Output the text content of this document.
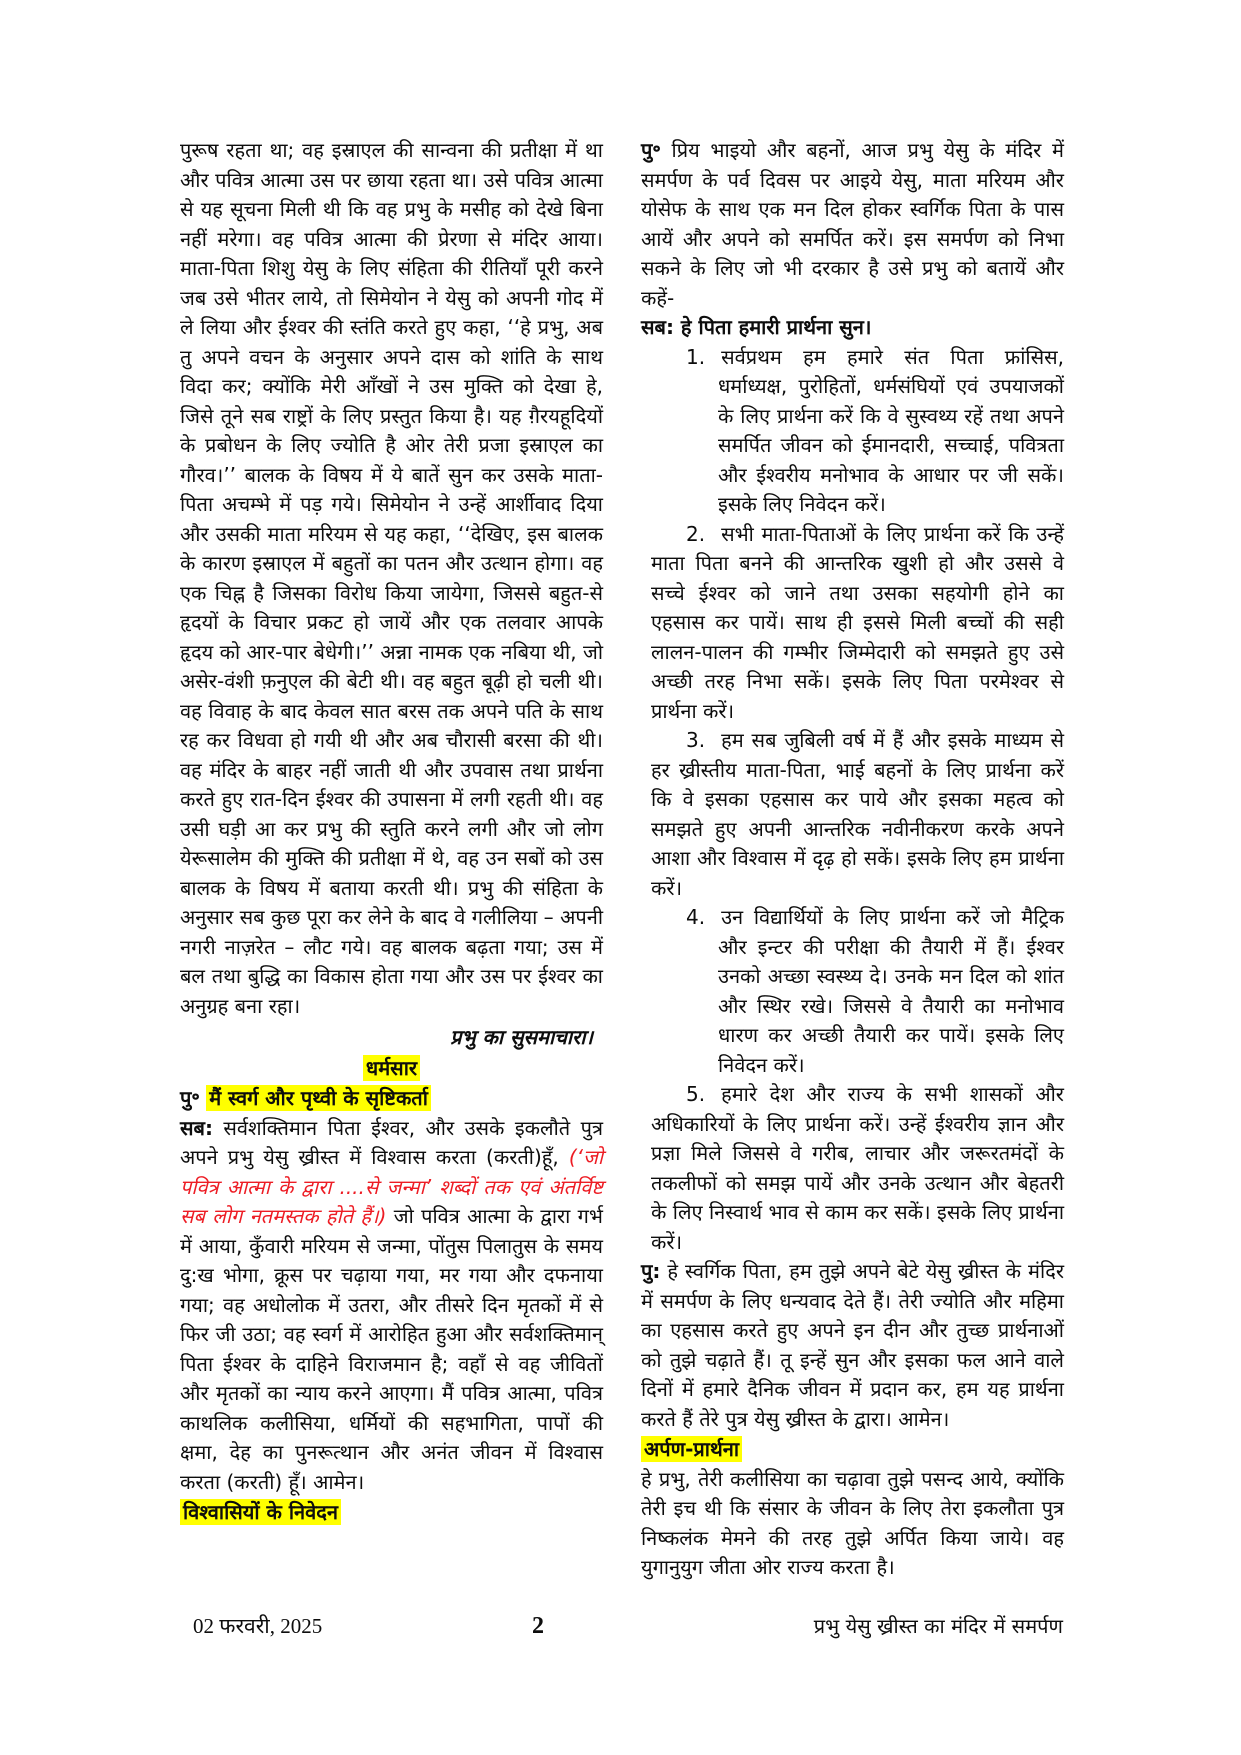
पुरूष रहता था; वह इस्राएल की सान्वना की प्रतीक्षा में था और पवित्र आत्मा उस पर छाया रहता था। उसे पवित्र आत्मा से यह सूचना मिली थी कि वह प्रभु के मसीह को देखे बिना नहीं मरेगा। वह पवित्र आत्मा की प्रेरणा से मंदिर आया। माता-पिता शिशु येसु के लिए संहिता की रीतियाँ पूरी करने जब उसे भीतर लाये, तो सिमेयोन ने येसु को अपनी गोद में ले लिया और ईश्वर की स्तंति करते हुए कहा, ‘‘हे प्रभु, अब तु अपने वचन के अनुसार अपने दास को शांति के साथ विदा कर; क्योंकि मेरी आँखों ने उस मुक्ति को देखा हे, जिसे तूने सब राष्ट्रों के लिए प्रस्तुत किया है। यह ग़ैरयहूदियों के प्रबोधन के लिए ज्योति है ओर तेरी प्रजा इस्राएल का गौरव।’’ बालक के विषय में ये बातें सुन कर उसके माता-पिता अचम्भे में पड़ गये। सिमेयोन ने उन्हें आर्शीवाद दिया और उसकी माता मरियम से यह कहा, ‘‘देखिए, इस बालक के कारण इस्राएल में बहुतों का पतन और उत्थान होगा। वह एक चिह्न है जिसका विरोध किया जायेगा, जिससे बहुत-से हृदयों के विचार प्रकट हो जायें और एक तलवार आपके हृदय को आर-पार बेधेगी।’’ अन्ना नामक एक नबिया थी, जो असेर-वंशी फ़नुएल की बेटी थी। वह बहुत बूढ़ी हो चली थी। वह विवाह के बाद केवल सात बरस तक अपने पति के साथ रह कर विधवा हो गयी थी और अब चौरासी बरसा की थी। वह मंदिर के बाहर नहीं जाती थी और उपवास तथा प्रार्थना करते हुए रात-दिन ईश्वर की उपासना में लगी रहती थी। वह उसी घड़ी आ कर प्रभु की स्तुति करने लगी और जो लोग येरूसालेम की मुक्ति की प्रतीक्षा में थे, वह उन सबों को उस बालक के विषय में बताया करती थी। प्रभु की संहिता के अनुसार सब कुछ पूरा कर लेने के बाद वे गलीलिया – अपनी नगरी नाज़रेत – लौट गये। वह बालक बढ़ता गया; उस में बल तथा बुद्धि का विकास होता गया और उस पर ईश्वर का अनुग्रह बना रहा।

प्रभु का सुसमाचारा।

धर्मसार

पु॰ मैं स्वर्ग और पृथ्वी के सृष्टिकर्ता

सब: सर्वशक्तिमान पिता ईश्वर, और उसके इकलौते पुत्र अपने प्रभु येसु ख्रीस्त में विश्वास करता (करती)हूँ, (‘जो पवित्र आत्मा के द्वारा ....से जन्मा’ शब्दों तक एवं अंतर्विष्ट सब लोग नतमस्तक होते हैं।) जो पवित्र आत्मा के द्वारा गर्भ में आया, कुँवारी मरियम से जन्मा, पोंतुस पिलातुस के समय दु:ख भोगा, क्रूस पर चढ़ाया गया, मर गया और दफनाया गया; वह अधोलोक में उतरा, और तीसरे दिन मृतकों में से फिर जी उठा; वह स्वर्ग में आरोहित हुआ और सर्वशक्तिमान् पिता ईश्वर के दाहिने विराजमान है; वहाँ से वह जीवितों और मृतकों का न्याय करने आएगा। मैं पवित्र आत्मा, पवित्र काथलिक कलीसिया, धर्मियों की सहभागिता, पापों की क्षमा, देह का पुनरूत्थान और अनंत जीवन में विश्वास करता (करती) हूँ। आमेन।

विश्वासियों के निवेदन

पु॰ प्रिय भाइयो और बहनों, आज प्रभु येसु के मंदिर में समर्पण के पर्व दिवस पर आइये येसु, माता मरियम और योसेफ के साथ एक मन दिल होकर स्वर्गिक पिता के पास आयें और अपने को समर्पित करें। इस समर्पण को निभा सकने के लिए जो भी दरकार है उसे प्रभु को बतायें और कहें-

सब: हे पिता हमारी प्रार्थना सुन।

1. सर्वप्रथम हम हमारे संत पिता फ्रांसिस, धर्माध्यक्ष, पुरोहितों, धर्मसंघियों एवं उपयाजकों के लिए प्रार्थना करें कि वे सुस्वथ्य रहें तथा अपने समर्पित जीवन को ईमानदारी, सच्चाई, पवित्रता और ईश्वरीय मनोभाव के आधार पर जी सकें। इसके लिए निवेदन करें।

2. सभी माता-पिताओं के लिए प्रार्थना करें कि उन्हें माता पिता बनने की आन्तरिक खुशी हो और उससे वे सच्चे ईश्वर को जाने तथा उसका सहयोगी होने का एहसास कर पायें। साथ ही इससे मिली बच्चों की सही लालन-पालन की गम्भीर जिम्मेदारी को समझते हुए उसे अच्छी तरह निभा सकें। इसके लिए पिता परमेश्वर से प्रार्थना करें।

3. हम सब जुबिली वर्ष में हैं और इसके माध्यम से हर ख्रीस्तीय माता-पिता, भाई बहनों के लिए प्रार्थना करें कि वे इसका एहसास कर पाये और इसका महत्व को समझते हुए अपनी आन्तरिक नवीनीकरण करके अपने आशा और विश्वास में दृढ़ हो सकें। इसके लिए हम प्रार्थना करें।

4. उन विद्यार्थियों के लिए प्रार्थना करें जो मैट्रिक और इन्टर की परीक्षा की तैयारी में हैं। ईश्वर उनको अच्छा स्वस्थ्य दे। उनके मन दिल को शांत और स्थिर रखे। जिससे वे तैयारी का मनोभाव धारण कर अच्छी तैयारी कर पायें। इसके लिए निवेदन करें।

5. हमारे देश और राज्य के सभी शासकों और अधिकारियों के लिए प्रार्थना करें। उन्हें ईश्वरीय ज्ञान और प्रज्ञा मिले जिससे वे गरीब, लाचार और जरूरतमंदों के तकलीफों को समझ पायें और उनके उत्थान और बेहतरी के लिए निस्वार्थ भाव से काम कर सकें। इसके लिए प्रार्थना करें।

पु: हे स्वर्गिक पिता, हम तुझे अपने बेटे येसु ख्रीस्त के मंदिर में समर्पण के लिए धन्यवाद देते हैं। तेरी ज्योति और महिमा का एहसास करते हुए अपने इन दीन और तुच्छ प्रार्थनाओं को तुझे चढ़ाते हैं। तू इन्हें सुन और इसका फल आने वाले दिनों में हमारे दैनिक जीवन में प्रदान कर, हम यह प्रार्थना करते हैं तेरे पुत्र येसु ख्रीस्त के द्वारा। आमेन।

अर्पण-प्रार्थना

हे प्रभु, तेरी कलीसिया का चढ़ावा तुझे पसन्द आये, क्योंकि तेरी इच थी कि संसार के जीवन के लिए तेरा इकलौता पुत्र निष्कलंक मेमने की तरह तुझे अर्पित किया जाये। वह युगानुयुग जीता ओर राज्य करता है।

02 फरवरी, 2025	2	प्रभु येसु ख्रीस्त का मंदिर में समर्पण
